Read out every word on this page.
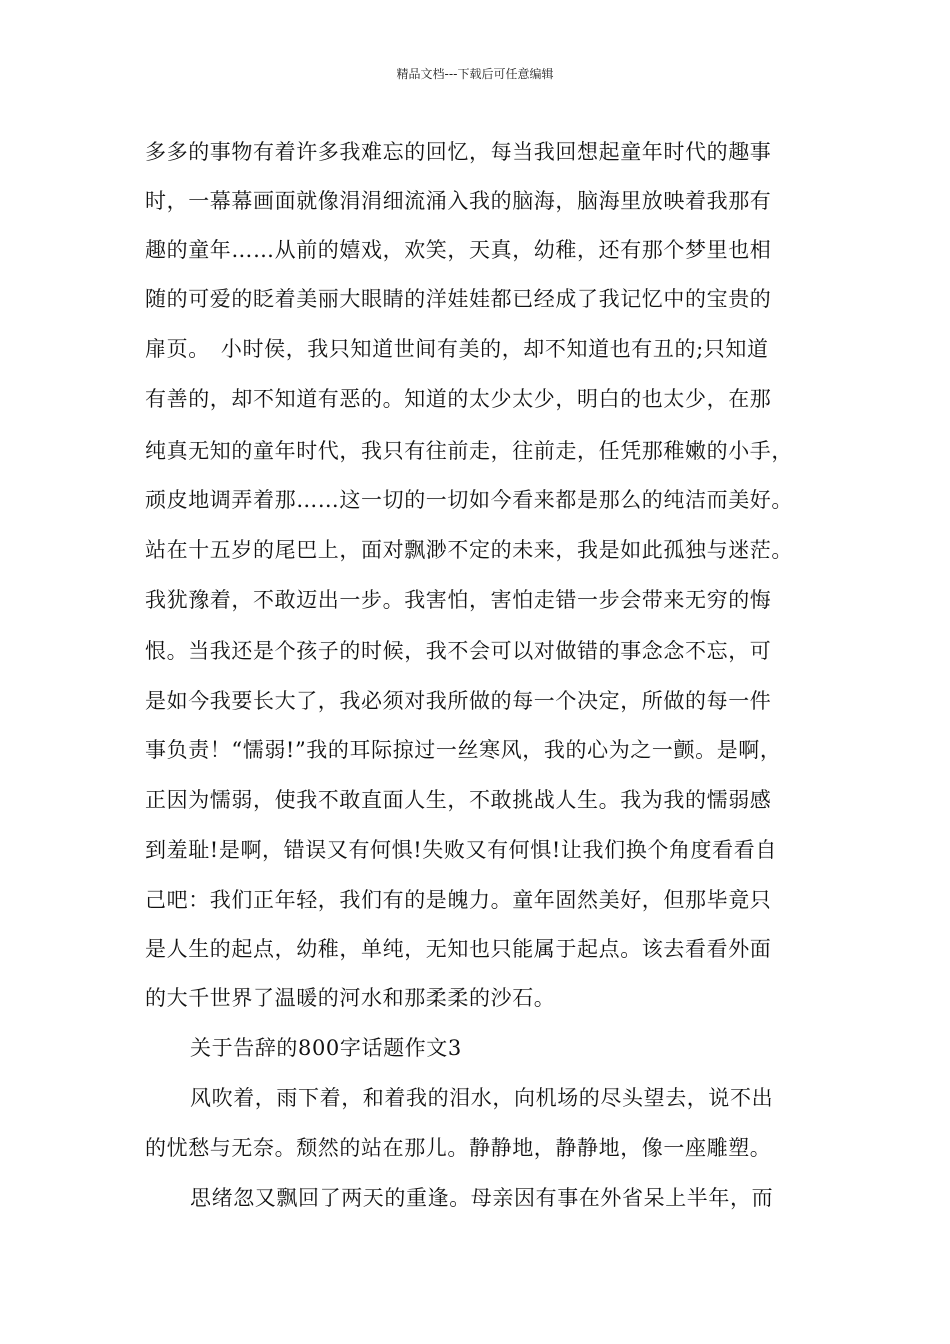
精品文档---下载后可任意编辑
多多的事物有着许多我难忘的回忆，每当我回想起童年时代的趣事
时，一幕幕画面就像涓涓细流涌入我的脑海，脑海里放映着我那有
趣的童年……从前的嬉戏，欢笑，天真，幼稚，还有那个梦里也相
随的可爱的眨着美丽大眼睛的洋娃娃都已经成了我记忆中的宝贵的
扉页。　小时侯，我只知道世间有美的，却不知道也有丑的;只知道
有善的，却不知道有恶的。知道的太少太少，明白的也太少，在那
纯真无知的童年时代，我只有往前走，往前走，任凭那稚嫩的小手，
顽皮地调弄着那……这一切的一切如今看来都是那么的纯洁而美好。
站在十五岁的尾巴上，面对飘渺不定的未来，我是如此孤独与迷茫。
我犹豫着，不敢迈出一步。我害怕，害怕走错一步会带来无穷的悔
恨。当我还是个孩子的时候，我不会可以对做错的事念念不忘，可
是如今我要长大了，我必须对我所做的每一个决定，所做的每一件
事负责！“懦弱!”我的耳际掠过一丝寒风，我的心为之一颤。是啊，
正因为懦弱，使我不敢直面人生，不敢挑战人生。我为我的懦弱感
到羞耻!是啊，错误又有何惧!失败又有何惧!让我们换个角度看看自
己吧：我们正年轻，我们有的是魄力。童年固然美好，但那毕竟只
是人生的起点，幼稚，单纯，无知也只能属于起点。该去看看外面
的大千世界了温暖的河水和那柔柔的沙石。
关于告辞的800字话题作文3
风吹着，雨下着，和着我的泪水，向机场的尽头望去，说不出
的忧愁与无奈。颓然的站在那儿。静静地，静静地，像一座雕塑。
思绪忽又飘回了两天的重逢。母亲因有事在外省呆上半年，而
